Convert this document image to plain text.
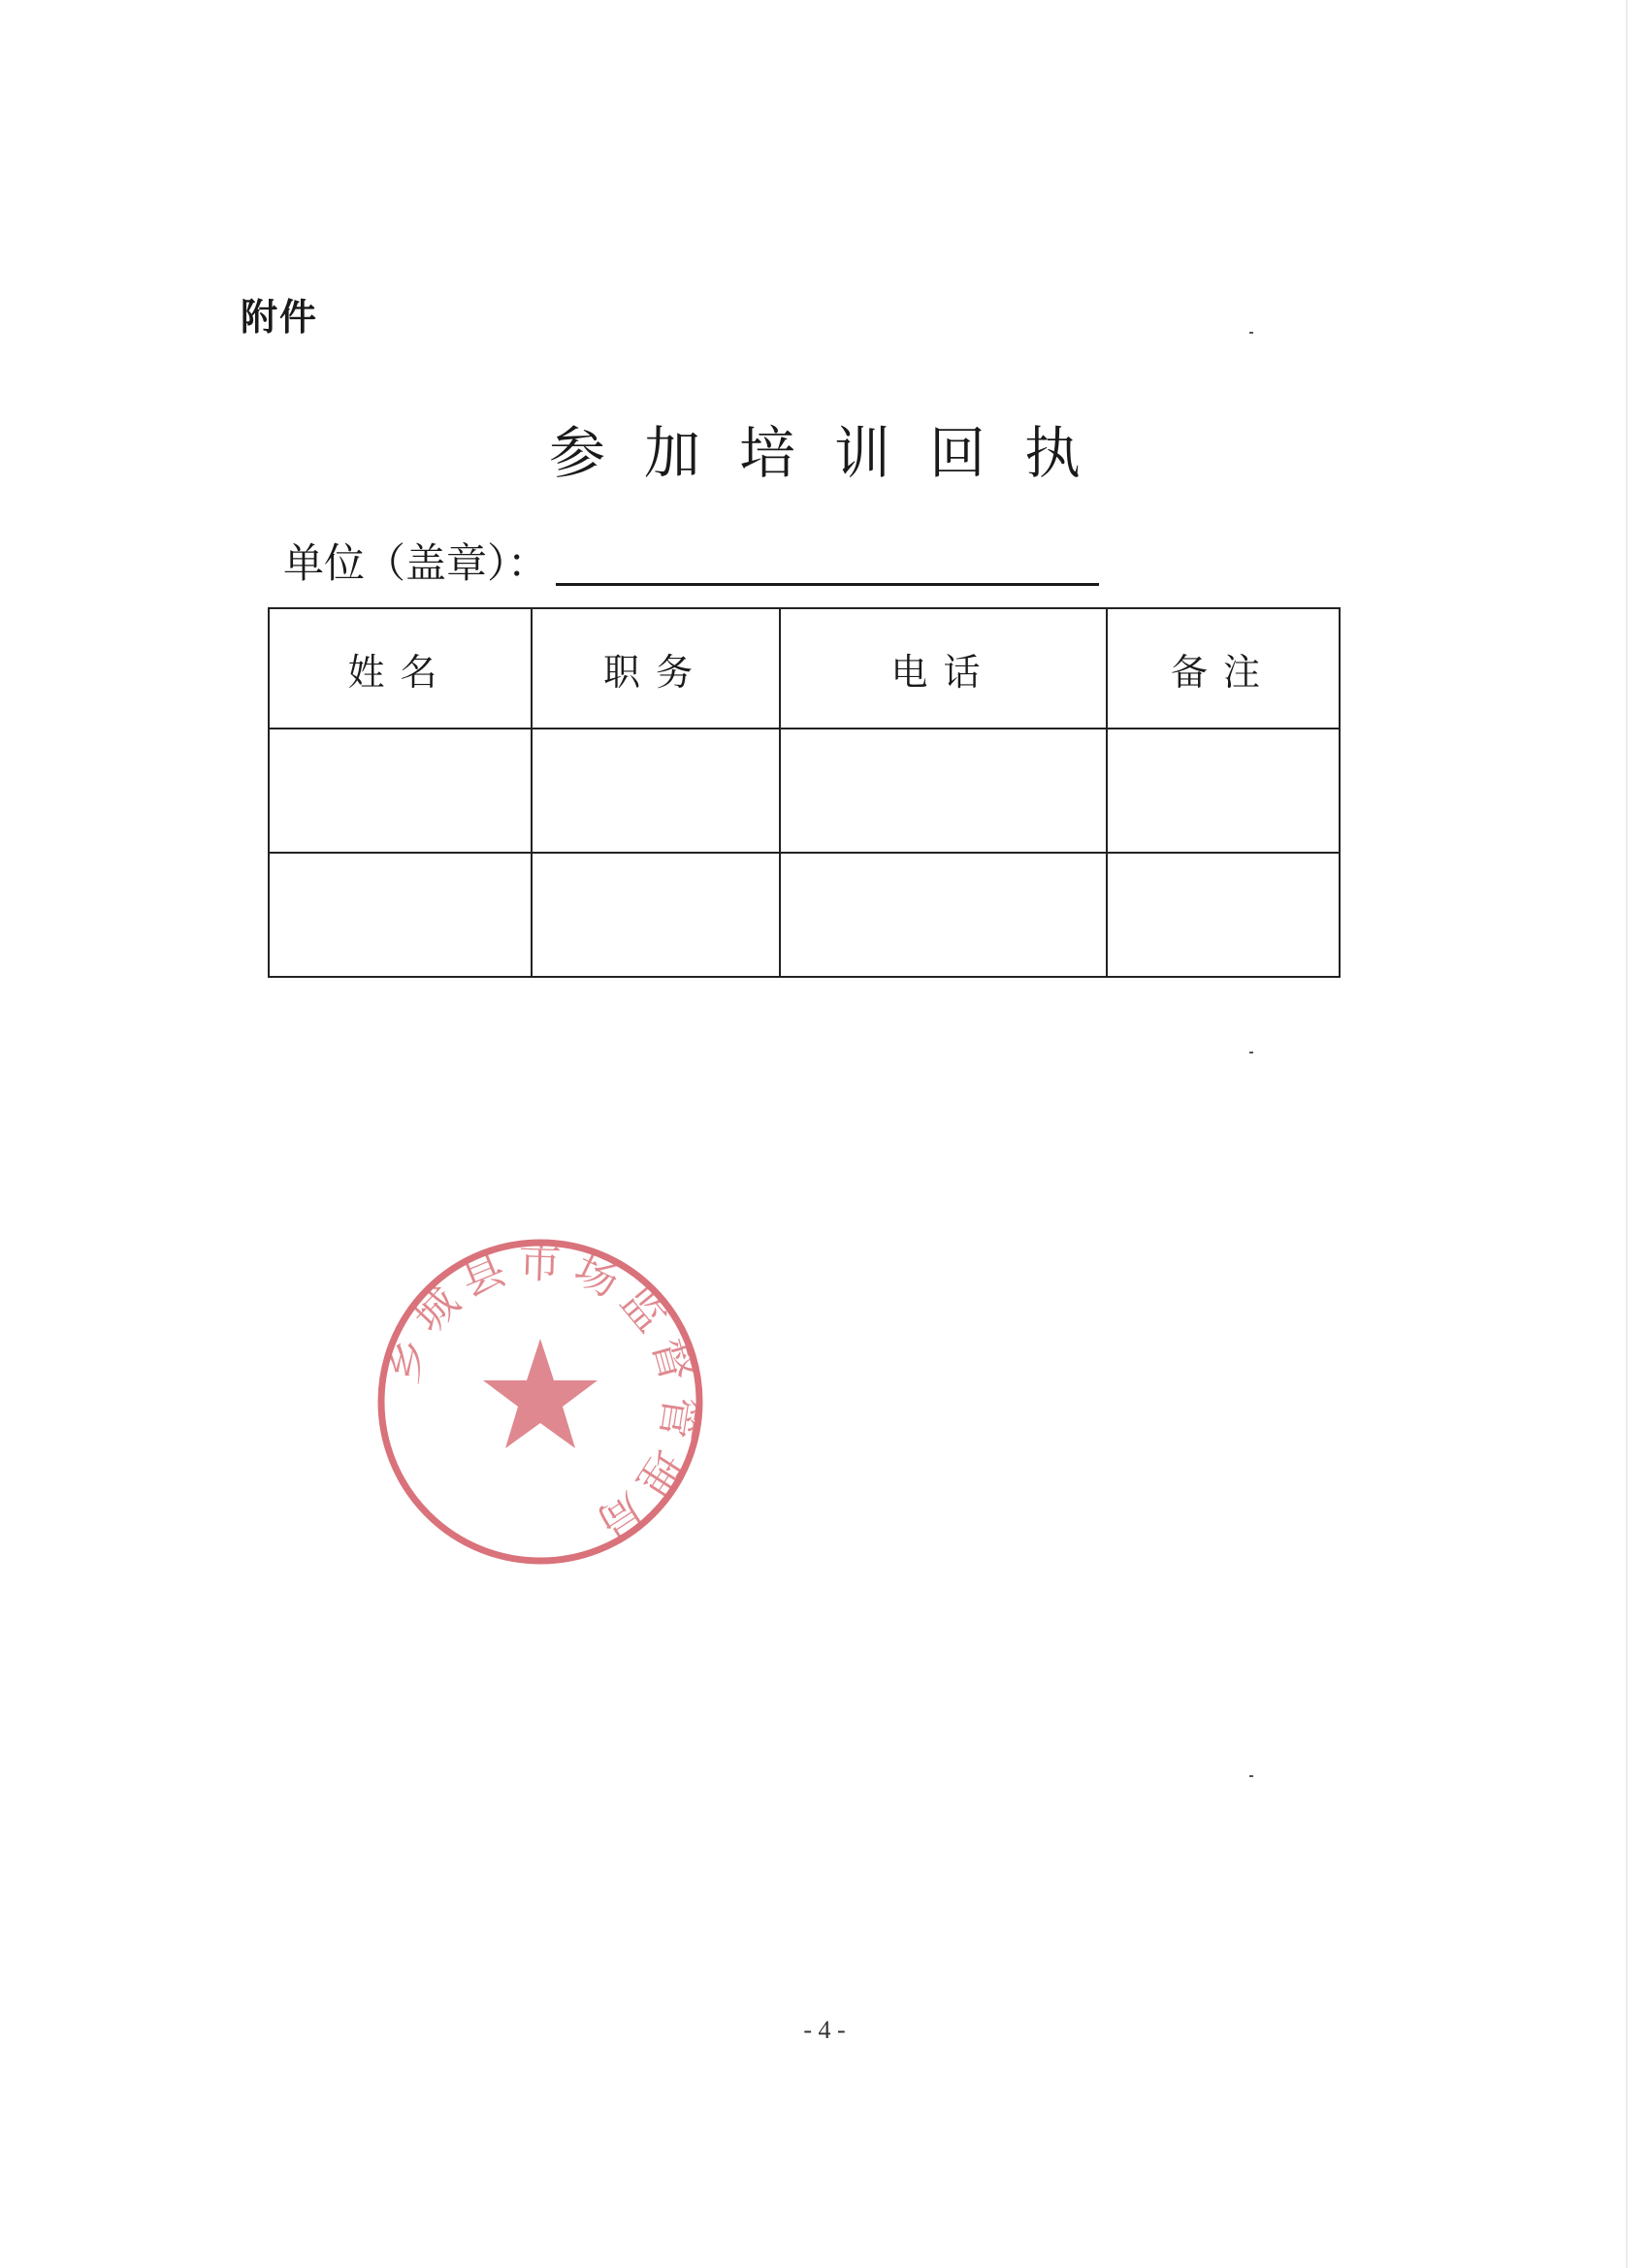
附件
参加培训回执
单位（盖章）：
姓名	职务	电话	备注

乡城县市场监督管理局
- 4 -
